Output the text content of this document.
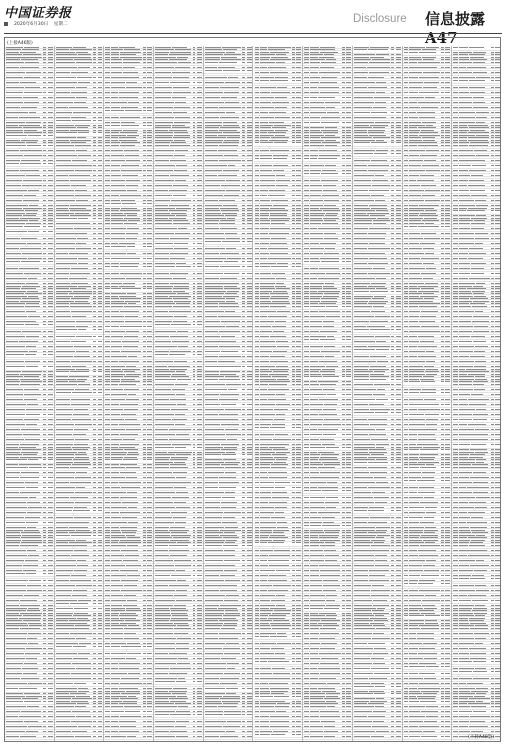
中国证券报
2020年6月30日 星期二	Disclosure 信息披露A47
(上接A46版)
(下转A48版)
